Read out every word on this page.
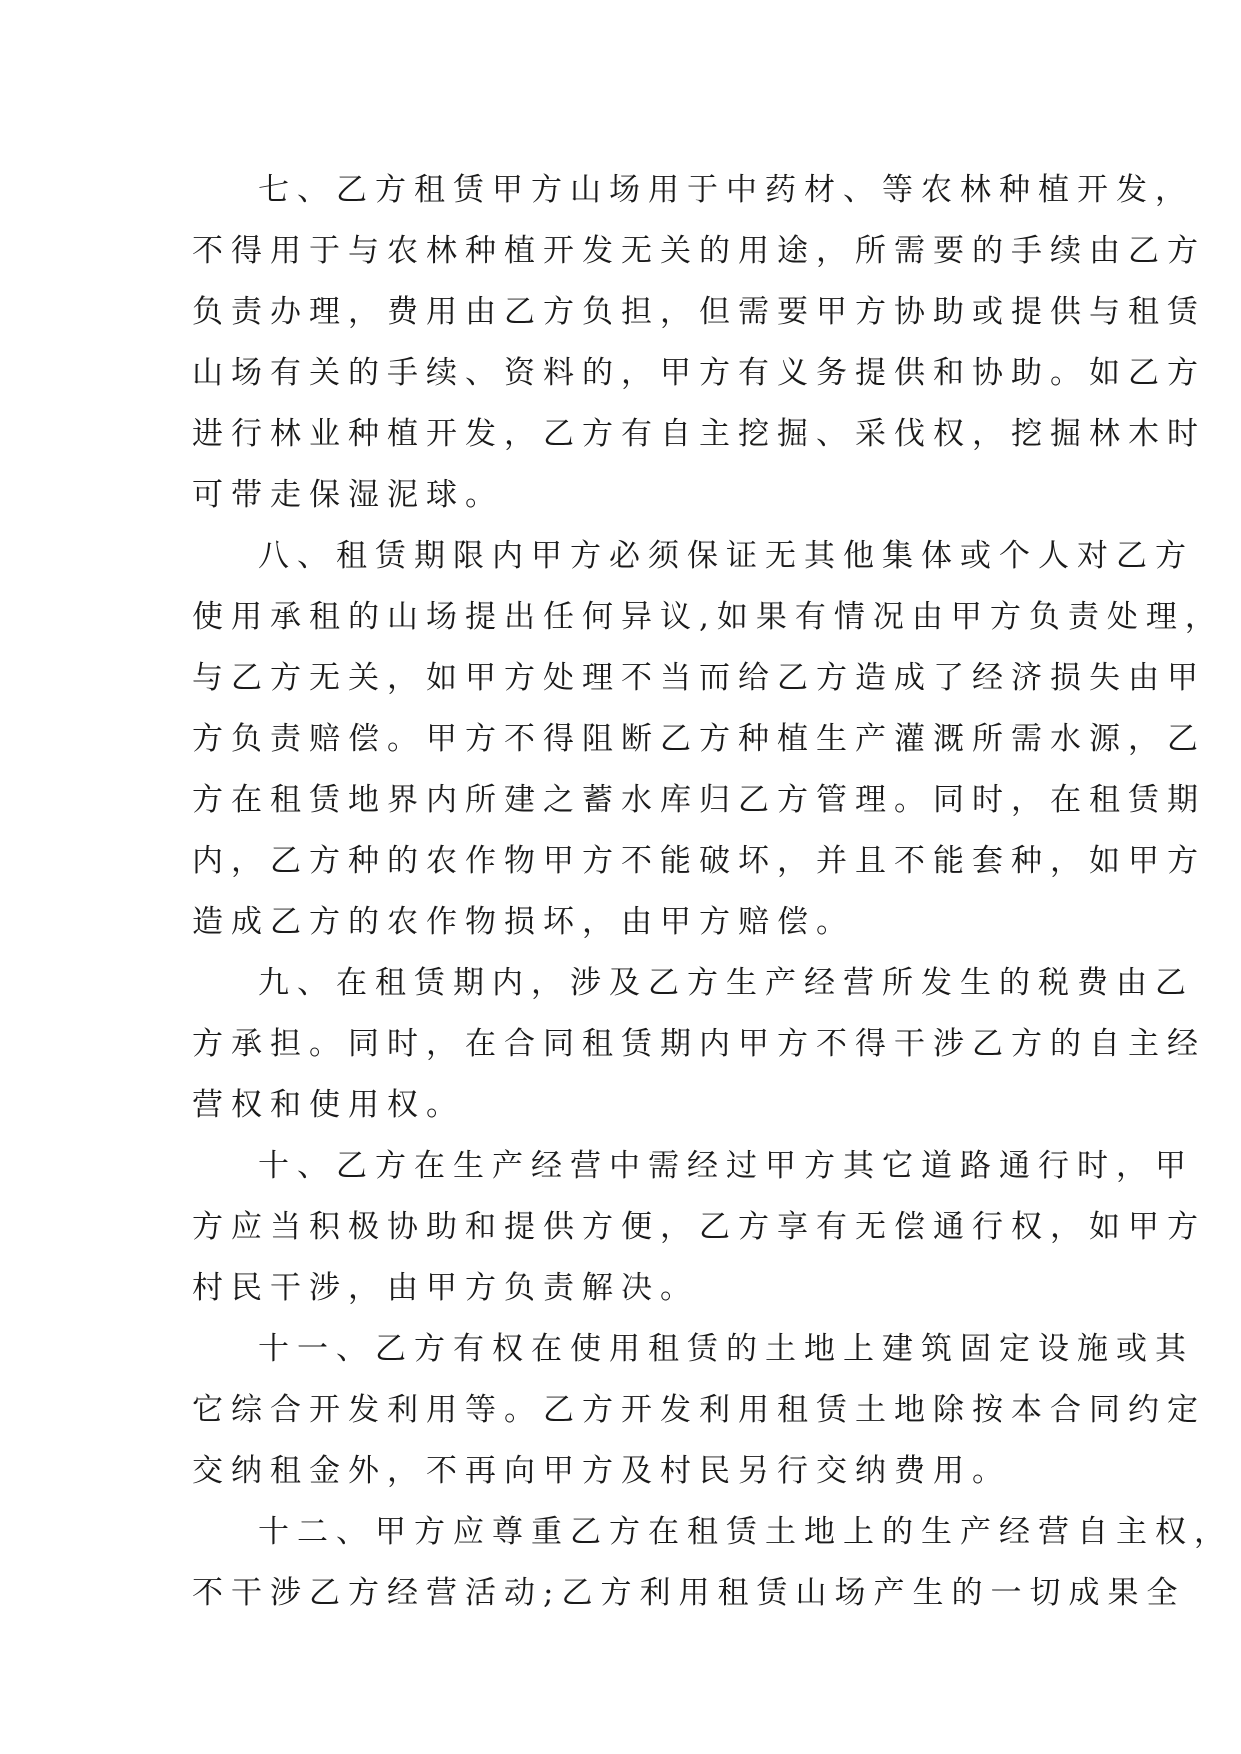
七、乙方租赁甲方山场用于中药材、等农林种植开发，
不得用于与农林种植开发无关的用途，所需要的手续由乙方
负责办理，费用由乙方负担，但需要甲方协助或提供与租赁
山场有关的手续、资料的，甲方有义务提供和协助。如乙方
进行林业种植开发，乙方有自主挖掘、采伐权，挖掘林木时
可带走保湿泥球。
八、租赁期限内甲方必须保证无其他集体或个人对乙方
使用承租的山场提出任何异议,如果有情况由甲方负责处理，
与乙方无关，如甲方处理不当而给乙方造成了经济损失由甲
方负责赔偿。甲方不得阻断乙方种植生产灌溉所需水源，乙
方在租赁地界内所建之蓄水库归乙方管理。同时，在租赁期
内，乙方种的农作物甲方不能破坏，并且不能套种，如甲方
造成乙方的农作物损坏，由甲方赔偿。
九、在租赁期内，涉及乙方生产经营所发生的税费由乙
方承担。同时，在合同租赁期内甲方不得干涉乙方的自主经
营权和使用权。
十、乙方在生产经营中需经过甲方其它道路通行时，甲
方应当积极协助和提供方便，乙方享有无偿通行权，如甲方
村民干涉，由甲方负责解决。
十一、乙方有权在使用租赁的土地上建筑固定设施或其
它综合开发利用等。乙方开发利用租赁土地除按本合同约定
交纳租金外，不再向甲方及村民另行交纳费用。
十二、甲方应尊重乙方在租赁土地上的生产经营自主权，
不干涉乙方经营活动;乙方利用租赁山场产生的一切成果全
